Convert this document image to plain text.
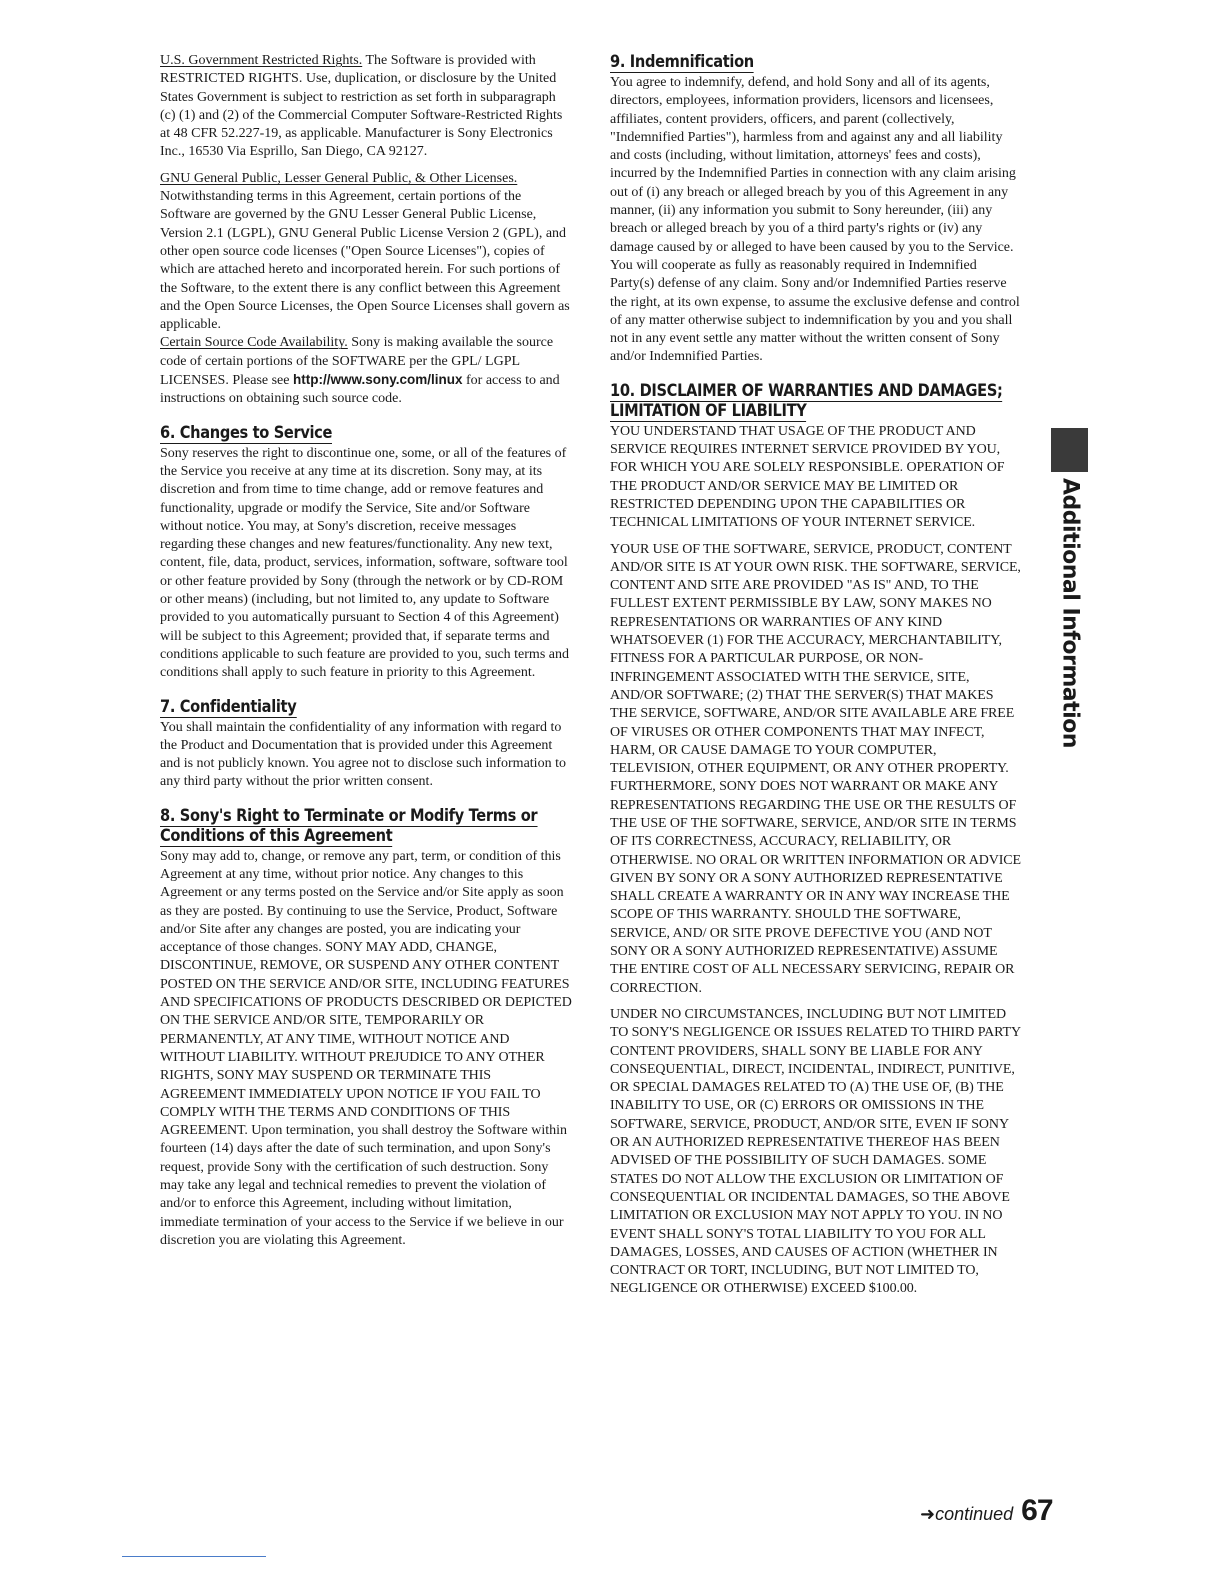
U.S. Government Restricted Rights. The Software is provided with RESTRICTED RIGHTS. Use, duplication, or disclosure by the United States Government is subject to restriction as set forth in subparagraph (c) (1) and (2) of the Commercial Computer Software-Restricted Rights at 48 CFR 52.227-19, as applicable. Manufacturer is Sony Electronics Inc., 16530 Via Esprillo, San Diego, CA 92127.

GNU General Public, Lesser General Public, & Other Licenses. Notwithstanding terms in this Agreement, certain portions of the Software are governed by the GNU Lesser General Public License, Version 2.1 (LGPL), GNU General Public License Version 2 (GPL), and other open source code licenses ("Open Source Licenses"), copies of which are attached hereto and incorporated herein. For such portions of the Software, to the extent there is any conflict between this Agreement and the Open Source Licenses, the Open Source Licenses shall govern as applicable.

Certain Source Code Availability. Sony is making available the source code of certain portions of the SOFTWARE per the GPL/ LGPL LICENSES. Please see http://www.sony.com/linux for access to and instructions on obtaining such source code.

6. Changes to Service

Sony reserves the right to discontinue one, some, or all of the features of the Service you receive at any time at its discretion. Sony may, at its discretion and from time to time change, add or remove features and functionality, upgrade or modify the Service, Site and/or Software without notice. You may, at Sony's discretion, receive messages regarding these changes and new features/functionality. Any new text, content, file, data, product, services, information, software, software tool or other feature provided by Sony (through the network or by CD-ROM or other means) (including, but not limited to, any update to Software provided to you automatically pursuant to Section 4 of this Agreement) will be subject to this Agreement; provided that, if separate terms and conditions applicable to such feature are provided to you, such terms and conditions shall apply to such feature in priority to this Agreement.

7. Confidentiality

You shall maintain the confidentiality of any information with regard to the Product and Documentation that is provided under this Agreement and is not publicly known. You agree not to disclose such information to any third party without the prior written consent.

8. Sony's Right to Terminate or Modify Terms or
Conditions of this Agreement

Sony may add to, change, or remove any part, term, or condition of this Agreement at any time, without prior notice. Any changes to this Agreement or any terms posted on the Service and/or Site apply as soon as they are posted. By continuing to use the Service, Product, Software and/or Site after any changes are posted, you are indicating your acceptance of those changes. SONY MAY ADD, CHANGE, DISCONTINUE, REMOVE, OR SUSPEND ANY OTHER CONTENT POSTED ON THE SERVICE AND/OR SITE, INCLUDING FEATURES AND SPECIFICATIONS OF PRODUCTS DESCRIBED OR DEPICTED ON THE SERVICE AND/OR SITE, TEMPORARILY OR PERMANENTLY, AT ANY TIME, WITHOUT NOTICE AND WITHOUT LIABILITY. WITHOUT PREJUDICE TO ANY OTHER RIGHTS, SONY MAY SUSPEND OR TERMINATE THIS AGREEMENT IMMEDIATELY UPON NOTICE IF YOU FAIL TO COMPLY WITH THE TERMS AND CONDITIONS OF THIS AGREEMENT. Upon termination, you shall destroy the Software within fourteen (14) days after the date of such termination, and upon Sony's request, provide Sony with the certification of such destruction. Sony may take any legal and technical remedies to prevent the violation of and/or to enforce this Agreement, including without limitation, immediate termination of your access to the Service if we believe in our discretion you are violating this Agreement.

9. Indemnification

You agree to indemnify, defend, and hold Sony and all of its agents, directors, employees, information providers, licensors and licensees, affiliates, content providers, officers, and parent (collectively, "Indemnified Parties"), harmless from and against any and all liability and costs (including, without limitation, attorneys' fees and costs), incurred by the Indemnified Parties in connection with any claim arising out of (i) any breach or alleged breach by you of this Agreement in any manner, (ii) any information you submit to Sony hereunder, (iii) any breach or alleged breach by you of a third party's rights or (iv) any damage caused by or alleged to have been caused by you to the Service. You will cooperate as fully as reasonably required in Indemnified Party(s) defense of any claim. Sony and/or Indemnified Parties reserve the right, at its own expense, to assume the exclusive defense and control of any matter otherwise subject to indemnification by you and you shall not in any event settle any matter without the written consent of Sony and/or Indemnified Parties.

10. DISCLAIMER OF WARRANTIES AND DAMAGES;
LIMITATION OF LIABILITY

YOU UNDERSTAND THAT USAGE OF THE PRODUCT AND SERVICE REQUIRES INTERNET SERVICE PROVIDED BY YOU, FOR WHICH YOU ARE SOLELY RESPONSIBLE. OPERATION OF THE PRODUCT AND/OR SERVICE MAY BE LIMITED OR RESTRICTED DEPENDING UPON THE CAPABILITIES OR TECHNICAL LIMITATIONS OF YOUR INTERNET SERVICE.

YOUR USE OF THE SOFTWARE, SERVICE, PRODUCT, CONTENT AND/OR SITE IS AT YOUR OWN RISK. THE SOFTWARE, SERVICE, CONTENT AND SITE ARE PROVIDED "AS IS" AND, TO THE FULLEST EXTENT PERMISSIBLE BY LAW, SONY MAKES NO REPRESENTATIONS OR WARRANTIES OF ANY KIND WHATSOEVER (1) FOR THE ACCURACY, MERCHANTABILITY, FITNESS FOR A PARTICULAR PURPOSE, OR NON-INFRINGEMENT ASSOCIATED WITH THE SERVICE, SITE, AND/OR SOFTWARE; (2) THAT THE SERVER(S) THAT MAKES THE SERVICE, SOFTWARE, AND/OR SITE AVAILABLE ARE FREE OF VIRUSES OR OTHER COMPONENTS THAT MAY INFECT, HARM, OR CAUSE DAMAGE TO YOUR COMPUTER, TELEVISION, OTHER EQUIPMENT, OR ANY OTHER PROPERTY. FURTHERMORE, SONY DOES NOT WARRANT OR MAKE ANY REPRESENTATIONS REGARDING THE USE OR THE RESULTS OF THE USE OF THE SOFTWARE, SERVICE, AND/OR SITE IN TERMS OF ITS CORRECTNESS, ACCURACY, RELIABILITY, OR OTHERWISE. NO ORAL OR WRITTEN INFORMATION OR ADVICE GIVEN BY SONY OR A SONY AUTHORIZED REPRESENTATIVE SHALL CREATE A WARRANTY OR IN ANY WAY INCREASE THE SCOPE OF THIS WARRANTY. SHOULD THE SOFTWARE, SERVICE, AND/ OR SITE PROVE DEFECTIVE YOU (AND NOT SONY OR A SONY AUTHORIZED REPRESENTATIVE) ASSUME THE ENTIRE COST OF ALL NECESSARY SERVICING, REPAIR OR CORRECTION.

UNDER NO CIRCUMSTANCES, INCLUDING BUT NOT LIMITED TO SONY'S NEGLIGENCE OR ISSUES RELATED TO THIRD PARTY CONTENT PROVIDERS, SHALL SONY BE LIABLE FOR ANY CONSEQUENTIAL, DIRECT, INCIDENTAL, INDIRECT, PUNITIVE, OR SPECIAL DAMAGES RELATED TO (A) THE USE OF, (B) THE INABILITY TO USE, OR (C) ERRORS OR OMISSIONS IN THE SOFTWARE, SERVICE, PRODUCT, AND/OR SITE, EVEN IF SONY OR AN AUTHORIZED REPRESENTATIVE THEREOF HAS BEEN ADVISED OF THE POSSIBILITY OF SUCH DAMAGES. SOME STATES DO NOT ALLOW THE EXCLUSION OR LIMITATION OF CONSEQUENTIAL OR INCIDENTAL DAMAGES, SO THE ABOVE LIMITATION OR EXCLUSION MAY NOT APPLY TO YOU. IN NO EVENT SHALL SONY'S TOTAL LIABILITY TO YOU FOR ALL DAMAGES, LOSSES, AND CAUSES OF ACTION (WHETHER IN CONTRACT OR TORT, INCLUDING, BUT NOT LIMITED TO, NEGLIGENCE OR OTHERWISE) EXCEED $100.00.

Additional Information
➜continued 67
